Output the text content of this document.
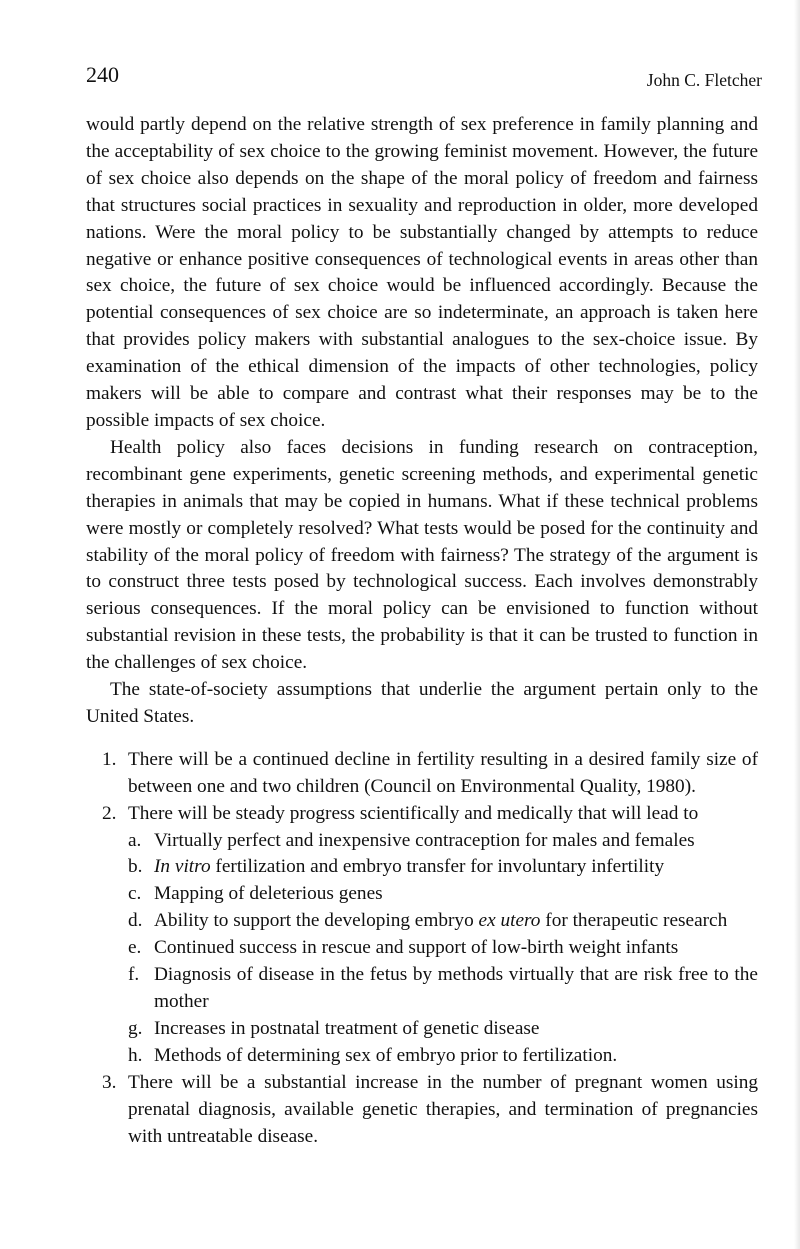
240	John C. Fletcher

would partly depend on the relative strength of sex preference in family planning and the acceptability of sex choice to the growing feminist movement. However, the future of sex choice also depends on the shape of the moral policy of freedom and fairness that structures social practices in sexuality and reproduction in older, more developed nations. Were the moral policy to be substantially changed by attempts to reduce negative or enhance positive consequences of technological events in areas other than sex choice, the future of sex choice would be influenced accordingly. Because the potential consequences of sex choice are so indeterminate, an approach is taken here that provides policy makers with substantial analogues to the sex-choice issue. By examination of the ethical dimension of the impacts of other technologies, policy makers will be able to compare and contrast what their responses may be to the possible impacts of sex choice.

Health policy also faces decisions in funding research on contraception, recombinant gene experiments, genetic screening methods, and experimental genetic therapies in animals that may be copied in humans. What if these technical problems were mostly or completely resolved? What tests would be posed for the continuity and stability of the moral policy of freedom with fairness? The strategy of the argument is to construct three tests posed by technological success. Each involves demonstrably serious consequences. If the moral policy can be envisioned to function without substantial revision in these tests, the probability is that it can be trusted to function in the challenges of sex choice.

The state-of-society assumptions that underlie the argument pertain only to the United States.

1. There will be a continued decline in fertility resulting in a desired family size of between one and two children (Council on Environmental Quality, 1980).
2. There will be steady progress scientifically and medically that will lead to
a. Virtually perfect and inexpensive contraception for males and females
b. In vitro fertilization and embryo transfer for involuntary infertility
c. Mapping of deleterious genes
d. Ability to support the developing embryo ex utero for therapeutic research
e. Continued success in rescue and support of low-birth weight infants
f. Diagnosis of disease in the fetus by methods virtually that are risk free to the mother
g. Increases in postnatal treatment of genetic disease
h. Methods of determining sex of embryo prior to fertilization.
3. There will be a substantial increase in the number of pregnant women using prenatal diagnosis, available genetic therapies, and termination of pregnancies with untreatable disease.
